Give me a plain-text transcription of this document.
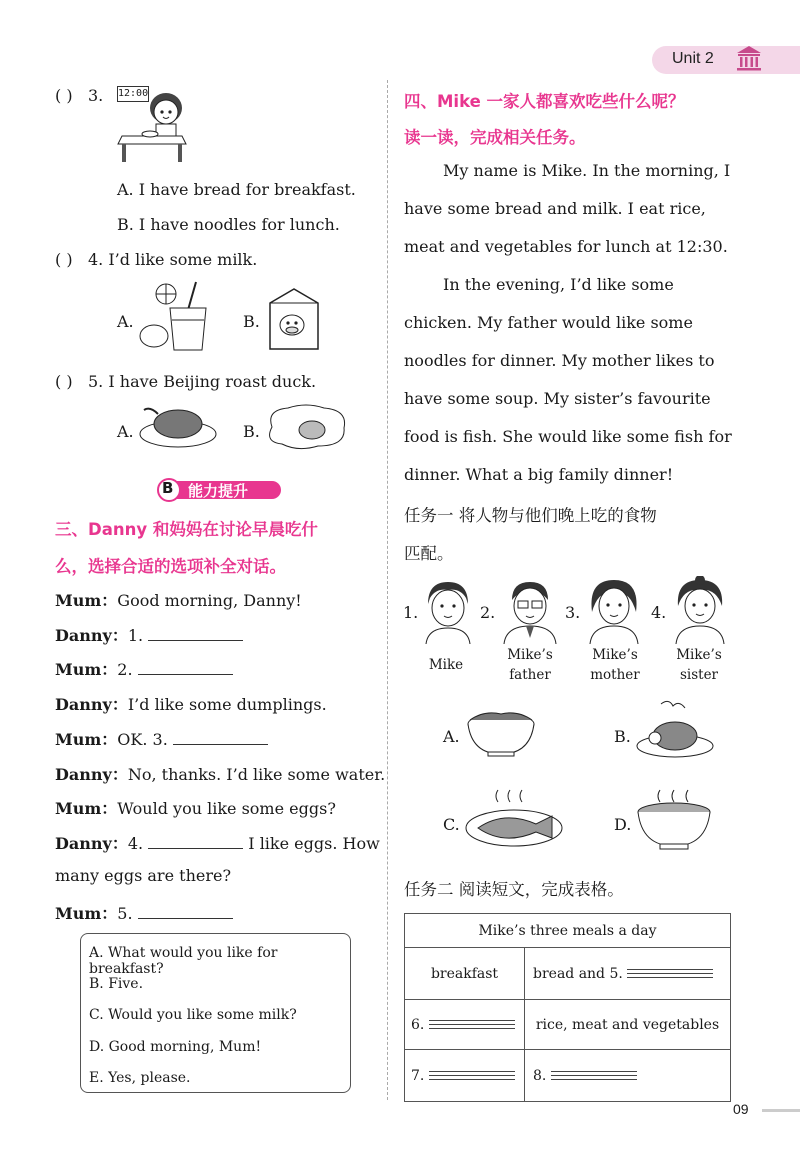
Unit 2
( ) 3. 12:00
A. I have bread for breakfast.
B. I have noodles for lunch.
( ) 4. I’d like some milk.
A.	B.
( ) 5. I have Beijing roast duck.
A.	B.
B 能力提升
三、Danny 和妈妈在讨论早晨吃什
么，选择合适的选项补全对话。
Mum：Good morning, Danny!
Danny：1.
Mum：2.
Danny：I’d like some dumplings.
Mum：OK. 3.
Danny：No, thanks. I’d like some water.
Mum：Would you like some eggs?
Danny：4.	I like eggs. How
many eggs are there?
Mum：5.
A. What would you like for breakfast?
B. Five.
C. Would you like some milk?
D. Good morning, Mum!
E. Yes, please.
四、Mike 一家人都喜欢吃些什么呢？
读一读，完成相关任务。
My name is Mike. In the morning, I
have some bread and milk. I eat rice,
meat and vegetables for lunch at 12:30.
In the evening, I’d like some
chicken. My father would like some
noodles for dinner. My mother likes to
have some soup. My sister’s favourite
food is fish. She would like some fish for
dinner. What a big family dinner!
任务一 将人物与他们晚上吃的食物
匹配。
1.
Mike
2.
Mike’s
father
3.
Mike’s
mother
4.
Mike’s
sister
A.	B.
C.	D.
任务二 阅读短文，完成表格。
Mike’s three meals a day	
breakfast	bread and 5.

6.	rice, meat and vegetables
7.	8.
09
